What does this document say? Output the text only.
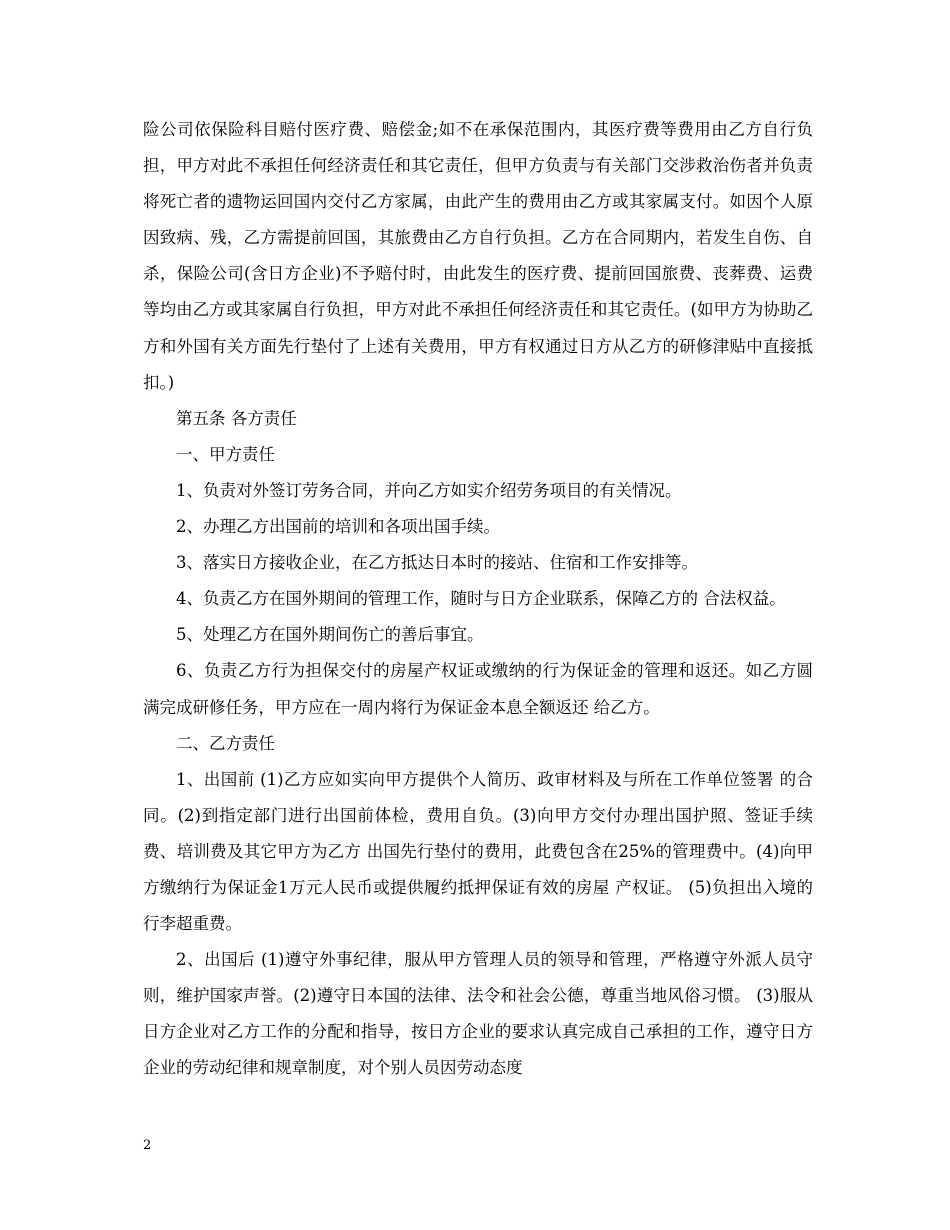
险公司依保险科目赔付医疗费、赔偿金;如不在承保范围内，其医疗费等费用由乙方自行负担，甲方对此不承担任何经济责任和其它责任，但甲方负责与有关部门交涉救治伤者并负责将死亡者的遗物运回国内交付乙方家属，由此产生的费用由乙方或其家属支付。如因个人原因致病、残，乙方需提前回国，其旅费由乙方自行负担。乙方在合同期内，若发生自伤、自杀，保险公司(含日方企业)不予赔付时，由此发生的医疗费、提前回国旅费、丧葬费、运费等均由乙方或其家属自行负担，甲方对此不承担任何经济责任和其它责任。(如甲方为协助乙方和外国有关方面先行垫付了上述有关费用，甲方有权通过日方从乙方的研修津贴中直接抵扣。)

第五条 各方责任

一、甲方责任

1、负责对外签订劳务合同，并向乙方如实介绍劳务项目的有关情况。

2、办理乙方出国前的培训和各项出国手续。

3、落实日方接收企业，在乙方抵达日本时的接站、住宿和工作安排等。

4、负责乙方在国外期间的管理工作，随时与日方企业联系，保障乙方的 合法权益。

5、处理乙方在国外期间伤亡的善后事宜。

6、负责乙方行为担保交付的房屋产权证或缴纳的行为保证金的管理和返还。如乙方圆满完成研修任务，甲方应在一周内将行为保证金本息全额返还 给乙方。

二、乙方责任

1、出国前 (1)乙方应如实向甲方提供个人简历、政审材料及与所在工作单位签署 的合同。(2)到指定部门进行出国前体检，费用自负。(3)向甲方交付办理出国护照、签证手续费、培训费及其它甲方为乙方 出国先行垫付的费用，此费包含在25%的管理费中。(4)向甲方缴纳行为保证金1万元人民币或提供履约抵押保证有效的房屋 产权证。 (5)负担出入境的行李超重费。

2、出国后 (1)遵守外事纪律，服从甲方管理人员的领导和管理，严格遵守外派人员守则，维护国家声誉。(2)遵守日本国的法律、法令和社会公德，尊重当地风俗习惯。 (3)服从日方企业对乙方工作的分配和指导，按日方企业的要求认真完成自己承担的工作，遵守日方企业的劳动纪律和规章制度，对个别人员因劳动态度

2
